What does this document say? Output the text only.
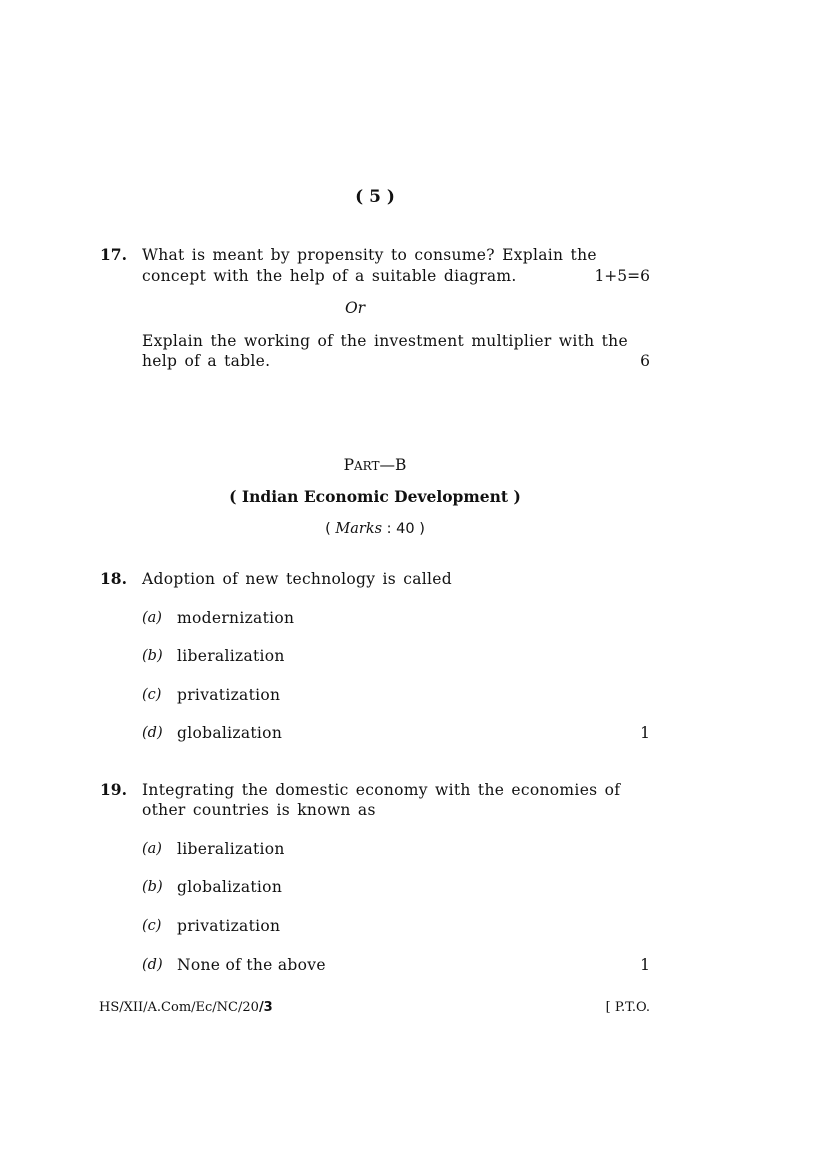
( 5 )
17. What is meant by propensity to consume? Explain the
concept with the help of a suitable diagram.	1+5=6
Or
Explain the working of the investment multiplier with the
help of a table.	6
PART—B
( Indian Economic Development )
( Marks : 40 )
18. Adoption of new technology is called
(a) modernization
(b) liberalization
(c) privatization
(d) globalization	1
19. Integrating the domestic economy with the economies of
other countries is known as
(a) liberalization
(b) globalization
(c) privatization
(d) None of the above	1
HS/XII/A.Com/Ec/NC/20/3	[ P.T.O.
